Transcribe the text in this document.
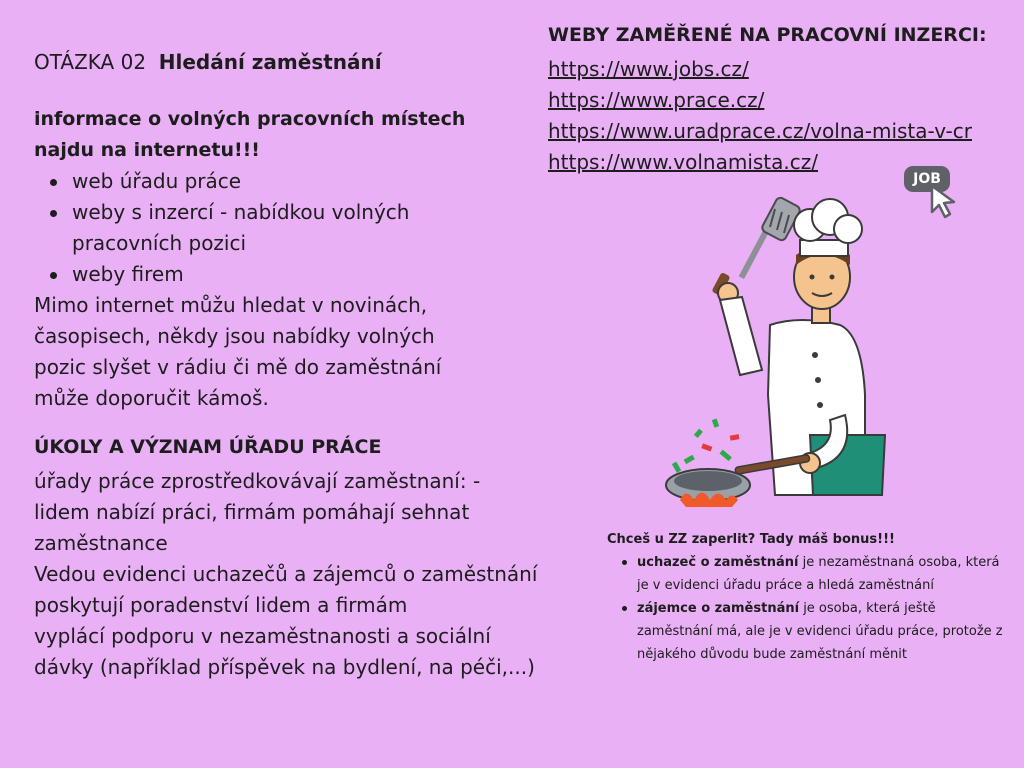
OTÁZKA 02 Hledání zaměstnání
informace o volných pracovních místech najdu na internetu!!!
web úřadu práce
weby s inzercí - nabídkou volných pracovních pozici
weby firem
Mimo internet můžu hledat v novinách, časopisech, někdy jsou nabídky volných pozic slyšet v rádiu či mě do zaměstnání může doporučit kámoš.
ÚKOLY A VÝZNAM ÚŘADU PRÁCE
úřady práce zprostředkovávají zaměstnaní: - lidem nabízí práci, firmám pomáhají sehnat zaměstnance
Vedou evidenci uchazečů a zájemců o zaměstnání
poskytují poradenství lidem a firmám
vyplácí podporu v nezaměstnanosti a sociální dávky (například příspěvek na bydlení, na péči,...)
WEBY ZAMĚŘENÉ NA PRACOVNÍ INZERCI:
https://www.jobs.cz/
https://www.prace.cz/
https://www.uradprace.cz/volna-mista-v-cr
https://www.volnamista.cz/
JOB
Chceš u ZZ zaperlit? Tady máš bonus!!!
uchazeč o zaměstnání je nezaměstnaná osoba, která je v evidenci úřadu práce a hledá zaměstnání
zájemce o zaměstnání je osoba, která ještě zaměstnání má, ale je v evidenci úřadu práce, protože z nějakého důvodu bude zaměstnání měnit
